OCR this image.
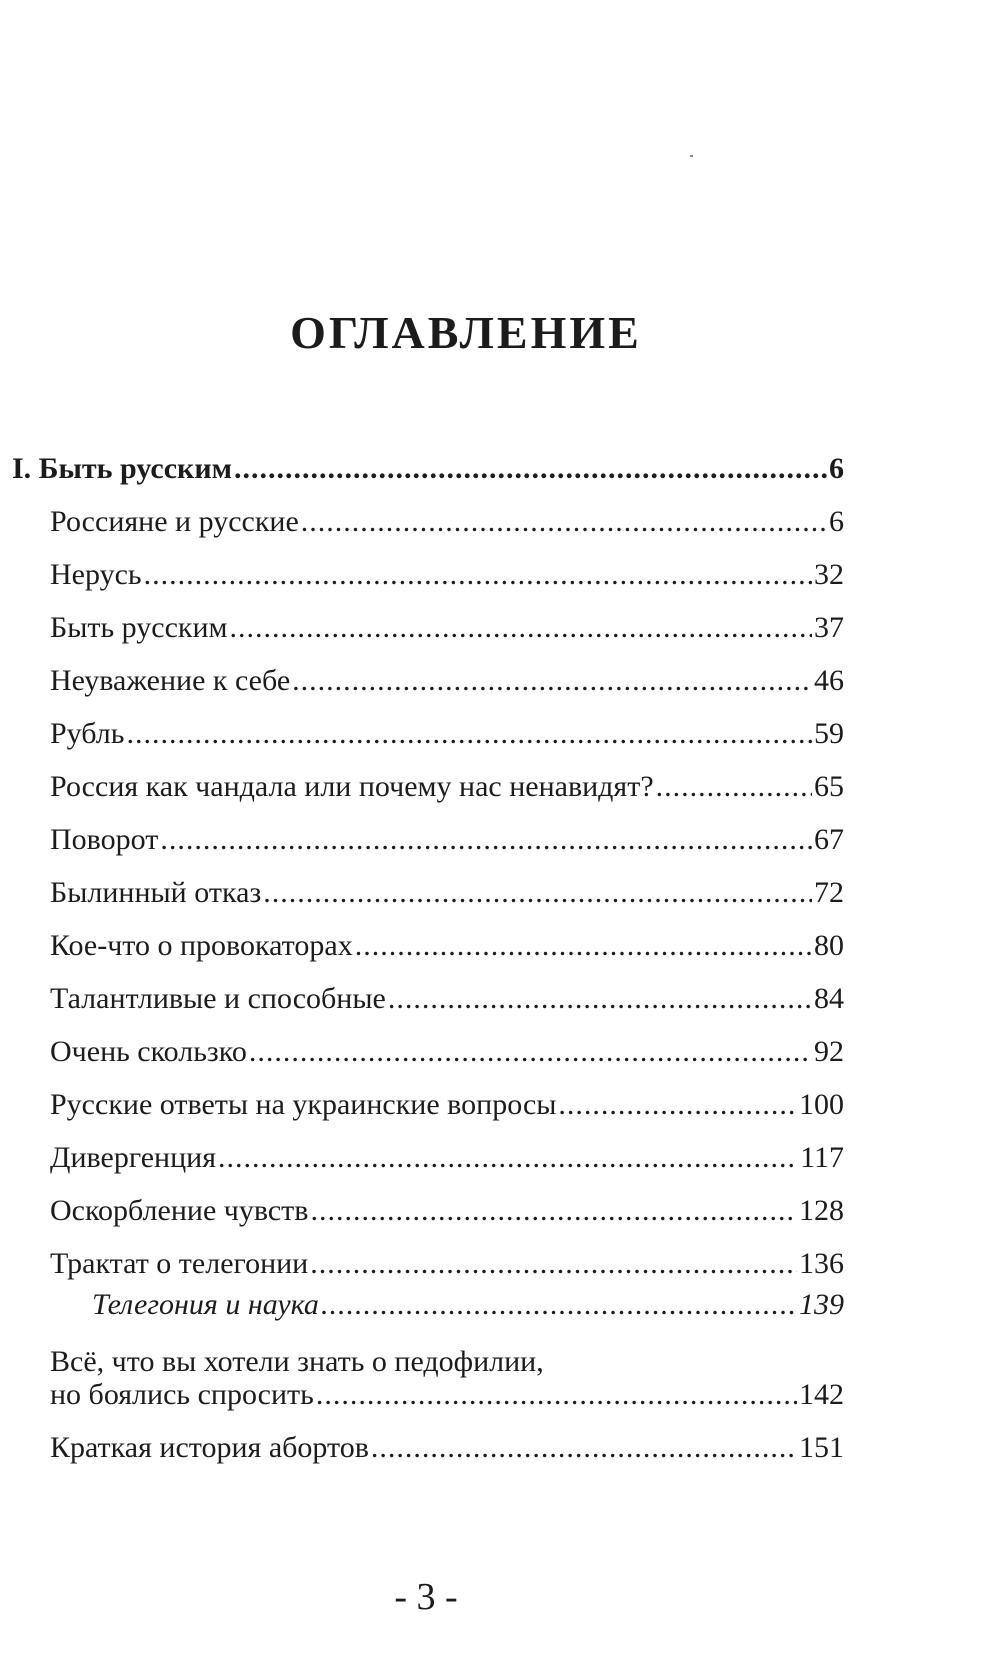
ОГЛАВЛЕНИЕ
I. Быть русским .....	6
Россияне и русские .....	6
Нерусь .....	32
Быть русским .....	37
Неуважение к себе .....	46
Рубль .....	59
Россия как чандала или почему нас ненавидят? .....	65
Поворот .....	67
Былинный отказ .....	72
Кое-что о провокаторах .....	80
Талантливые и способные .....	84
Очень скользко .....	92
Русские ответы на украинские вопросы .....	100
Дивергенция .....	117
Оскорбление чувств .....	128
Трактат о телегонии .....	136
Телегония и наука .....	139
Всё, что вы хотели знать о педофилии,
но боялись спросить .....	142
Краткая история абортов .....	151
- 3 -
